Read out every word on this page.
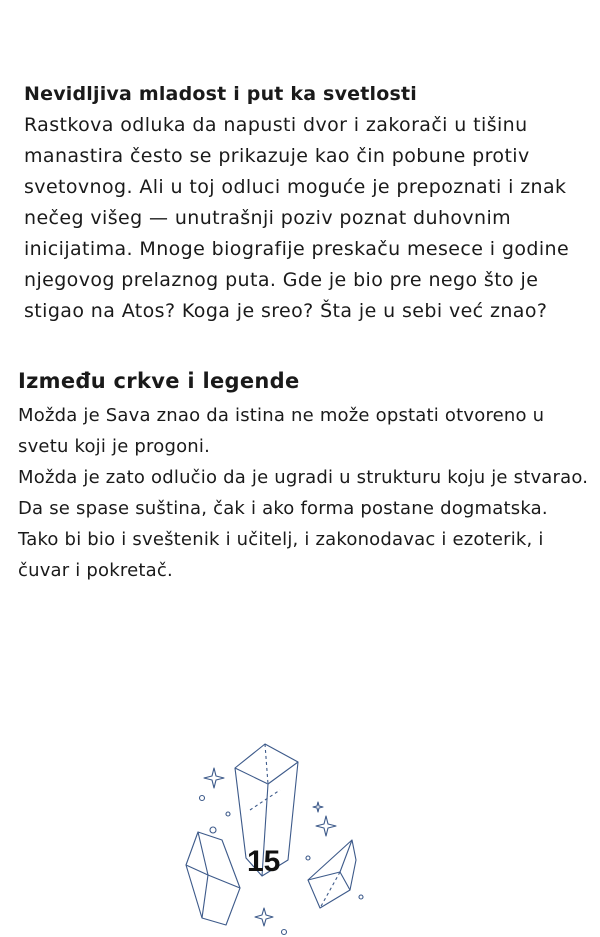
Nevidljiva mladost i put ka svetlosti

Rastkova odluka da napusti dvor i zakorači u tišinu manastira često se prikazuje kao čin pobune protiv svetovnog. Ali u toj odluci moguće je prepoznati i znak nečeg višeg — unutrašnji poziv poznat duhovnim inicijatima. Mnoge biografije preskaču mesece i godine njegovog prelaznog puta. Gde je bio pre nego što je stigao na Atos? Koga je sreo? Šta je u sebi već znao?

Između crkve i legende

Možda je Sava znao da istina ne može opstati otvoreno u svetu koji je progoni.

Možda je zato odlučio da je ugradi u strukturu koju je stvarao.

Da se spase suština, čak i ako forma postane dogmatska.

Tako bi bio i sveštenik i učitelj, i zakonodavac i ezoterik, i čuvar i pokretač.

15
